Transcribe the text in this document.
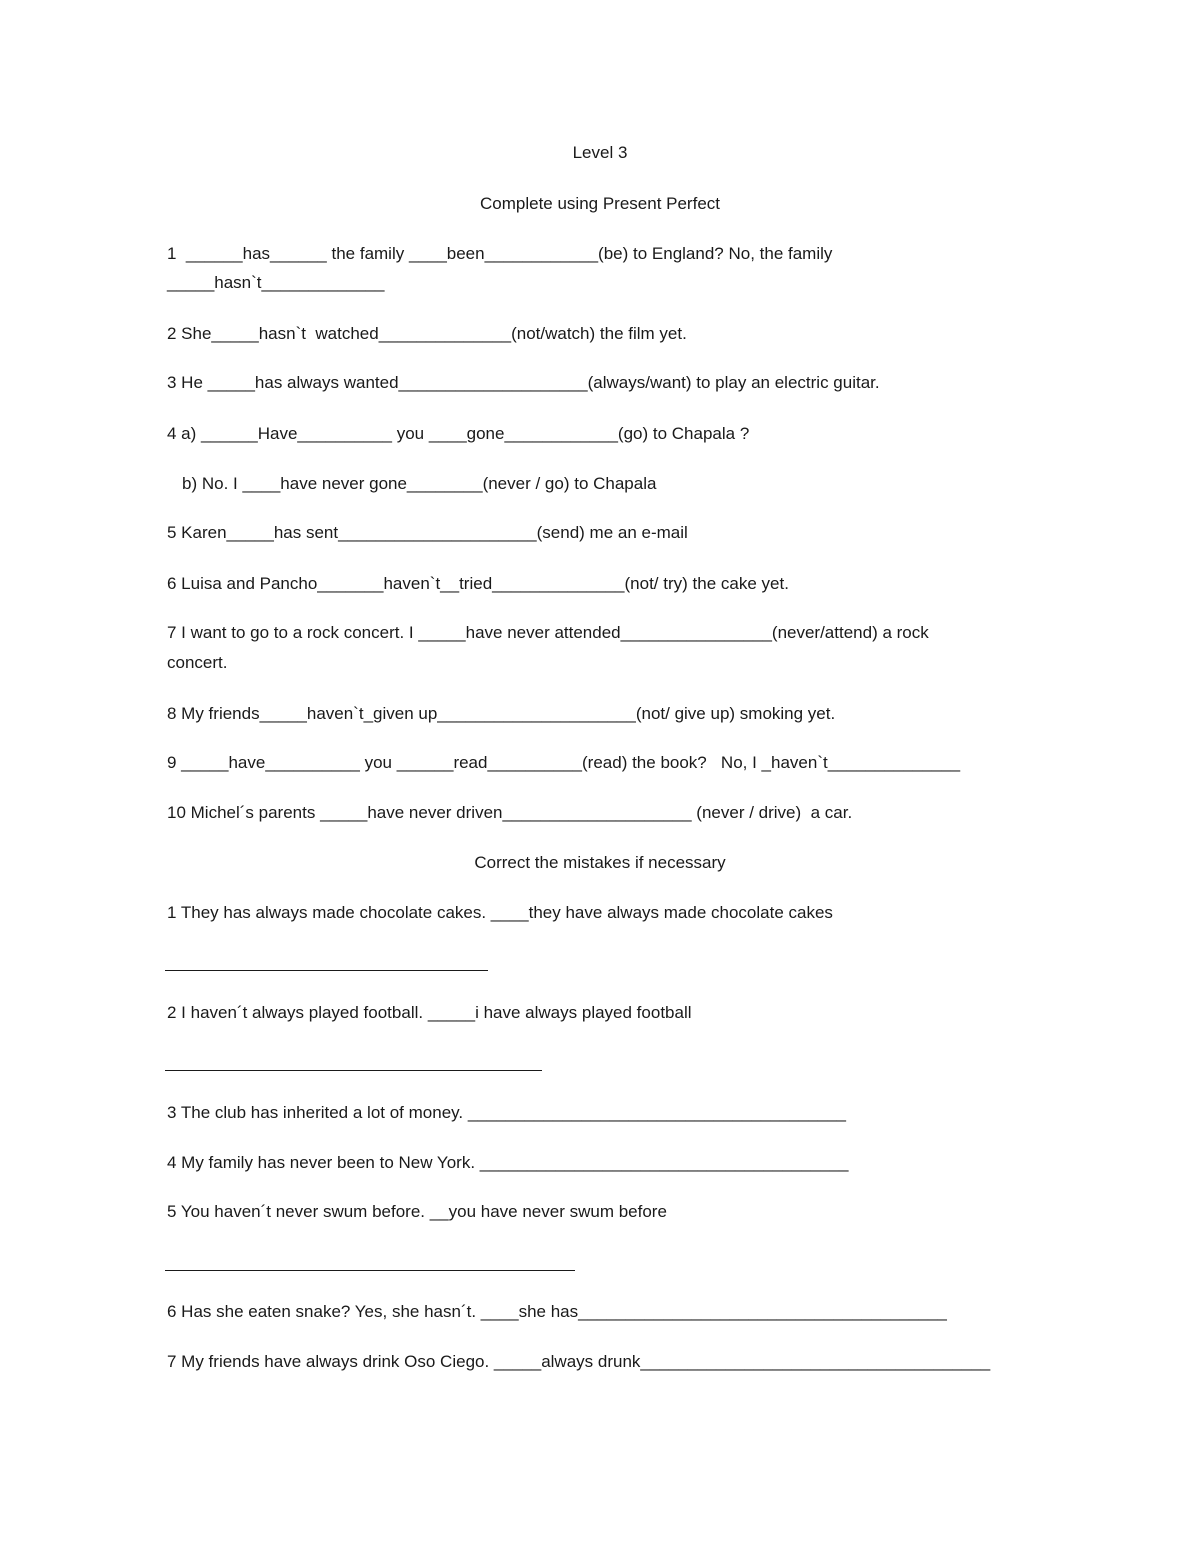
Level 3
Complete using Present Perfect
1  ______has______ the family ____been____________(be) to England? No, the family
_____hasn`t_____________
2 She_____hasn`t  watched______________(not/watch) the film yet.
3 He _____has always wanted____________________(always/want) to play an electric guitar.
4 a) ______Have__________ you ____gone____________(go) to Chapala ?
b) No. I ____have never gone________(never / go) to Chapala
5 Karen_____has sent_____________________(send) me an e-mail
6 Luisa and Pancho_______haven`t__tried______________(not/ try) the cake yet.
7 I want to go to a rock concert. I _____have never attended________________(never/attend) a rock
concert.
8 My friends_____haven`t_given up_____________________(not/ give up) smoking yet.
9 _____have__________ you ______read__________(read) the book?   No, I _haven`t______________
10 Michel´s parents _____have never driven____________________ (never / drive)  a car.
Correct the mistakes if necessary
1 They has always made chocolate cakes. ____they have always made chocolate cakes
2 I haven´t always played football. _____i have always played football
3 The club has inherited a lot of money. ________________________________________
4 My family has never been to New York. _______________________________________
5 You haven´t never swum before. __you have never swum before
6 Has she eaten snake? Yes, she hasn´t. ____she has_______________________________________
7 My friends have always drink Oso Ciego. _____always drunk_____________________________________
